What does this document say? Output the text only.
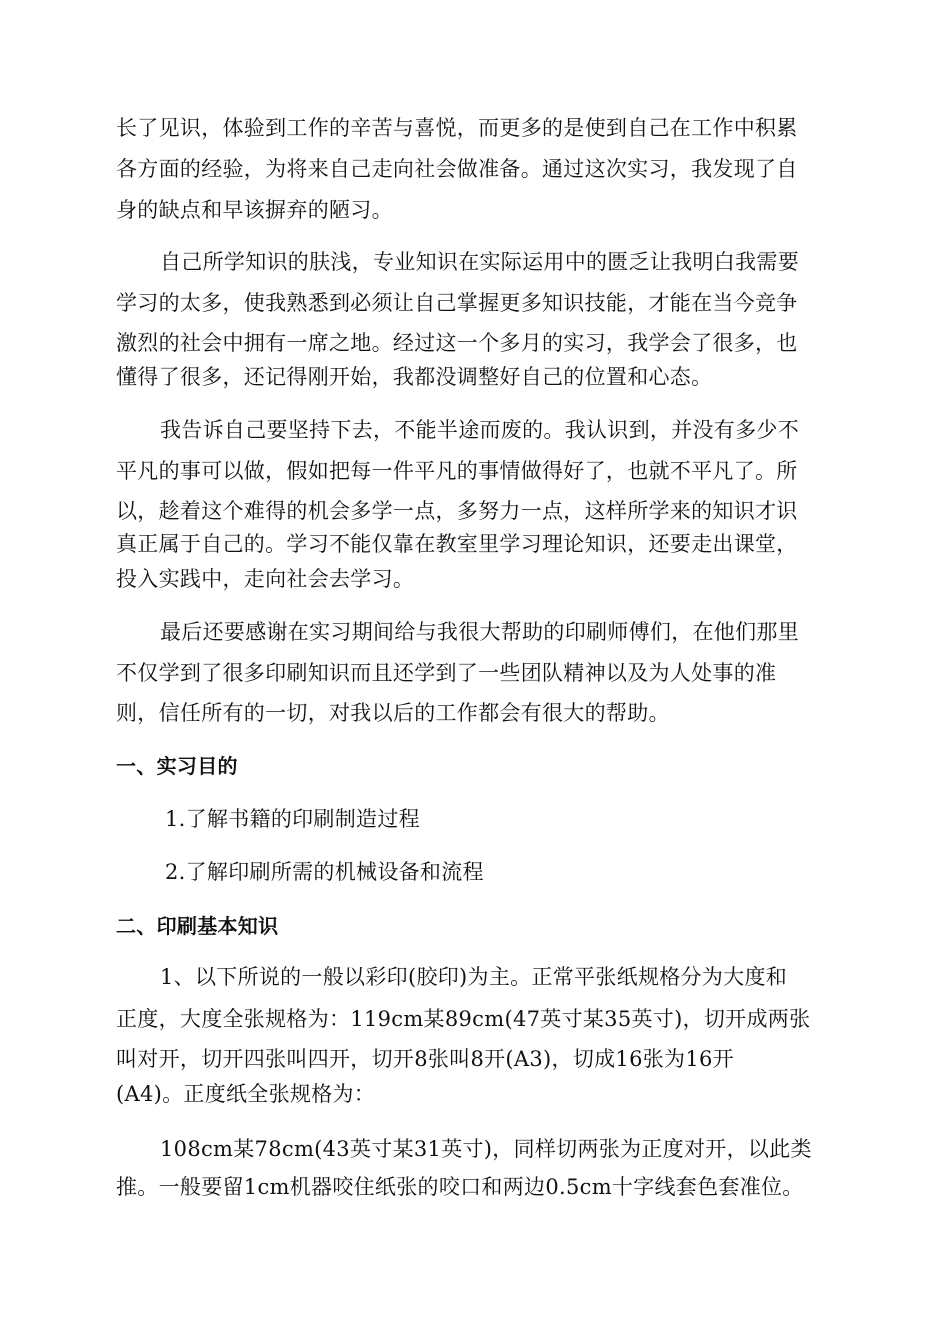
长了见识，体验到工作的辛苦与喜悦，而更多的是使到自己在工作中积累
各方面的经验，为将来自己走向社会做准备。通过这次实习，我发现了自
身的缺点和早该摒弃的陋习。
自己所学知识的肤浅，专业知识在实际运用中的匮乏让我明白我需要
学习的太多，使我熟悉到必须让自己掌握更多知识技能，才能在当今竞争
激烈的社会中拥有一席之地。经过这一个多月的实习，我学会了很多，也
懂得了很多，还记得刚开始，我都没调整好自己的位置和心态。
我告诉自己要坚持下去，不能半途而废的。我认识到，并没有多少不
平凡的事可以做，假如把每一件平凡的事情做得好了，也就不平凡了。所
以，趁着这个难得的机会多学一点，多努力一点，这样所学来的知识才识
真正属于自己的。学习不能仅靠在教室里学习理论知识，还要走出课堂，
投入实践中，走向社会去学习。
最后还要感谢在实习期间给与我很大帮助的印刷师傅们，在他们那里
不仅学到了很多印刷知识而且还学到了一些团队精神以及为人处事的准
则，信任所有的一切，对我以后的工作都会有很大的帮助。
一、实习目的
1.了解书籍的印刷制造过程
2.了解印刷所需的机械设备和流程
二、印刷基本知识
1、以下所说的一般以彩印(胶印)为主。正常平张纸规格分为大度和
正度，大度全张规格为：119cm某89cm(47英寸某35英寸)，切开成两张
叫对开，切开四张叫四开，切开8张叫8开(A3)，切成16张为16开
(A4)。正度纸全张规格为：
108cm某78cm(43英寸某31英寸)，同样切两张为正度对开，以此类
推。一般要留1cm机器咬住纸张的咬口和两边0.5cm十字线套色套准位。
